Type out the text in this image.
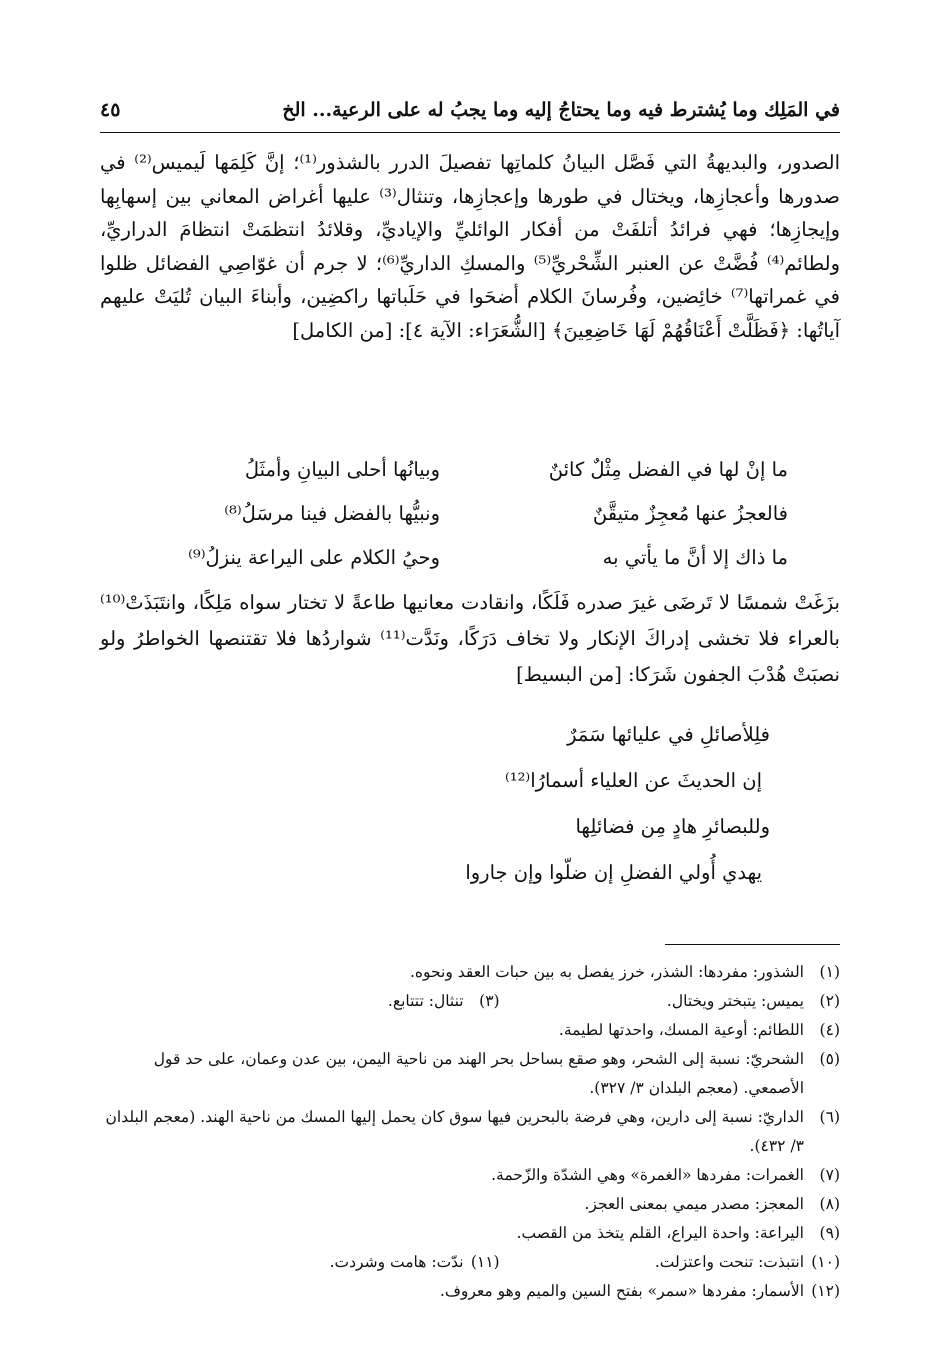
في المَلِك وما يُشترط فيه وما يحتاجُ إليه وما يجبُ له على الرعية... الخ
٤٥

الصدور، والبديهةُ التي فَصَّل البيانُ كلماتِها تفصيلَ الدرر بالشذور⁽¹⁾؛ إنَّ كَلِمَها لَيميس⁽²⁾ في صدورها وأعجازِها، ويختال في طورها وإعجازِها، وتنثال⁽³⁾ عليها أغراض المعاني بين إسهابِها وإيجازِها؛ فهي فرائدُ أتلفَتْ من أفكار الوائليِّ والإياديِّ، وقلائدُ انتظمَتْ انتظامَ الدراريِّ، ولطائم⁽⁴⁾ فُضَّتْ عن العنبر الشِّحْريِّ⁽⁵⁾ والمسكِ الداريِّ⁽⁶⁾؛ لا جرم أن غوّاصِي الفضائل ظلوا في غمراتها⁽⁷⁾ خائِضين، وفُرسانَ الكلام أضحَوا في حَلَباتها راكضِين، وأبناءَ البيان تُليَتْ عليهم آياتُها: ﴿فَظَلَّتْ أَعْنَاقُهُمْ لَهَا خَاضِعِينَ﴾ [الشُّعَرَاء: الآية ٤]: [من الكامل]

ما إنْ لها في الفضل مِثْلٌ كائنٌ
وبيانُها أحلى البيانِ وأمثَلُ
فالعجزُ عنها مُعجِزٌ متيقَّنٌ
ونبيُّها بالفضل فينا مرسَلُ⁽⁸⁾
ما ذاك إلا أنَّ ما يأتي به
وحيُ الكلام على اليراعة ينزلُ⁽⁹⁾

بزَغَتْ شمسًا لا تَرضَى غيرَ صدره فَلَكًا، وانقادت معانيها طاعةً لا تختار سواه مَلِكًا، وانتَبَذَتْ⁽¹⁰⁾ بالعراء فلا تخشى إدراكَ الإنكار ولا تخاف دَرَكًا، ونَدَّت⁽¹¹⁾ شواردُها فلا تقتنصها الخواطرُ ولو نصبَتْ هُدْبَ الجفون شَرَكا: [من البسيط]

فلِلأصائلِ في عليائها سَمَرٌ
إن الحديثَ عن العلياء أسمارُا⁽¹²⁾
وللبصائرِ هادٍ مِن فضائلِها
يهدي أُولي الفضلِ إن ضلّوا وإن جاروا
(١)
الشذور: مفردها: الشذر، خرز يفصل به بين حبات العقد ونحوه.
(٢)
يميس: يتبختر ويختال.
(٣)
تنثال: تتتابع.
(٤)
اللطائم: أوعية المسك، واحدتها لطيمة.
(٥)
الشحريّ: نسبة إلى الشحر، وهو صقع بساحل بحر الهند من ناحية اليمن، بين عدن وعمان، على حد قول الأصمعي. (معجم البلدان ٣/ ٣٢٧).
(٦)
الداريّ: نسبة إلى دارين، وهي فرضة بالبحرين فيها سوق كان يحمل إليها المسك من ناحية الهند. (معجم البلدان ٣/ ٤٣٢).
(٧)
الغمرات: مفردها «الغمرة» وهي الشدّة والزّحمة.
(٨)
المعجز: مصدر ميمي بمعنى العجز.
(٩)
اليراعة: واحدة اليراع، القلم يتخذ من القصب.
(١٠)
انتبذت: تنحت واعتزلت.
(١١)
ندّت: هامت وشردت.
(١٢)
الأسمار: مفردها «سمر» بفتح السين والميم وهو معروف.
